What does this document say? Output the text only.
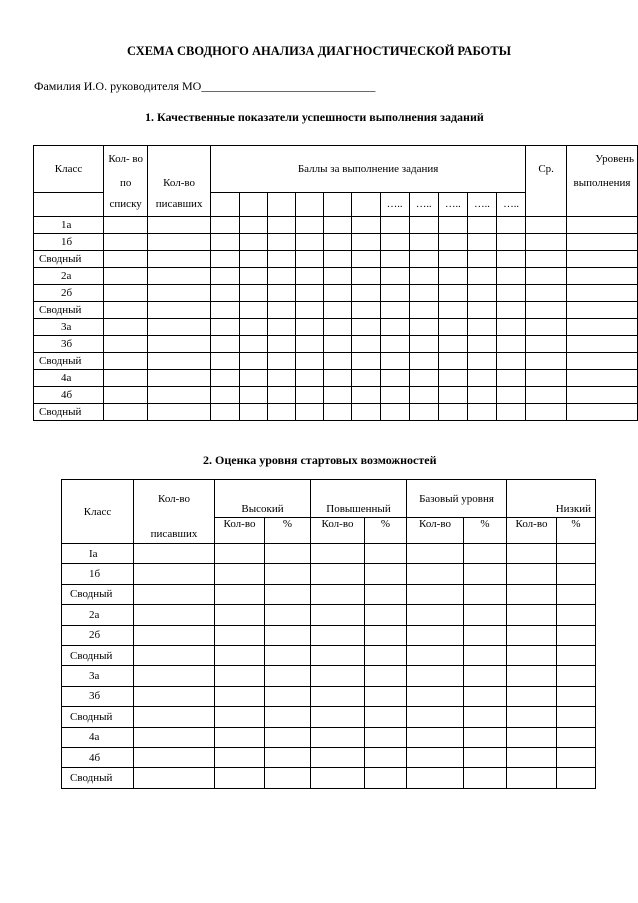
СХЕМА СВОДНОГО АНАЛИЗА ДИАГНОСТИЧЕСКОЙ РАБОТЫ
Фамилия И.О. руководителя МО_____________________________
1. Качественные показатели успешности выполнения заданий
Класс	Кол- во		Баллы за выполнение задания											Ср.	Уровень
	по	Кол-во													выполнения
	списку	писавших							…..	…..	…..	…..	…..		
1а															
1б															
Сводный															
2а															
2б															
Сводный															
3а															
3б															
Сводный															
4а															
4б															
Сводный															
2. Оценка уровня стартовых возможностей
Класс	Кол-во	Высокий		Повышенный		Базовый уровня		Низкий	
	писавших	Кол-во	%	Кол-во	%	Кол-во	%	Кол-во	%
Iа									
1б									
Сводный									
2а									
2б									
Сводный									
3а									
3б									
Сводный									
4а									
4б									
Сводный									
